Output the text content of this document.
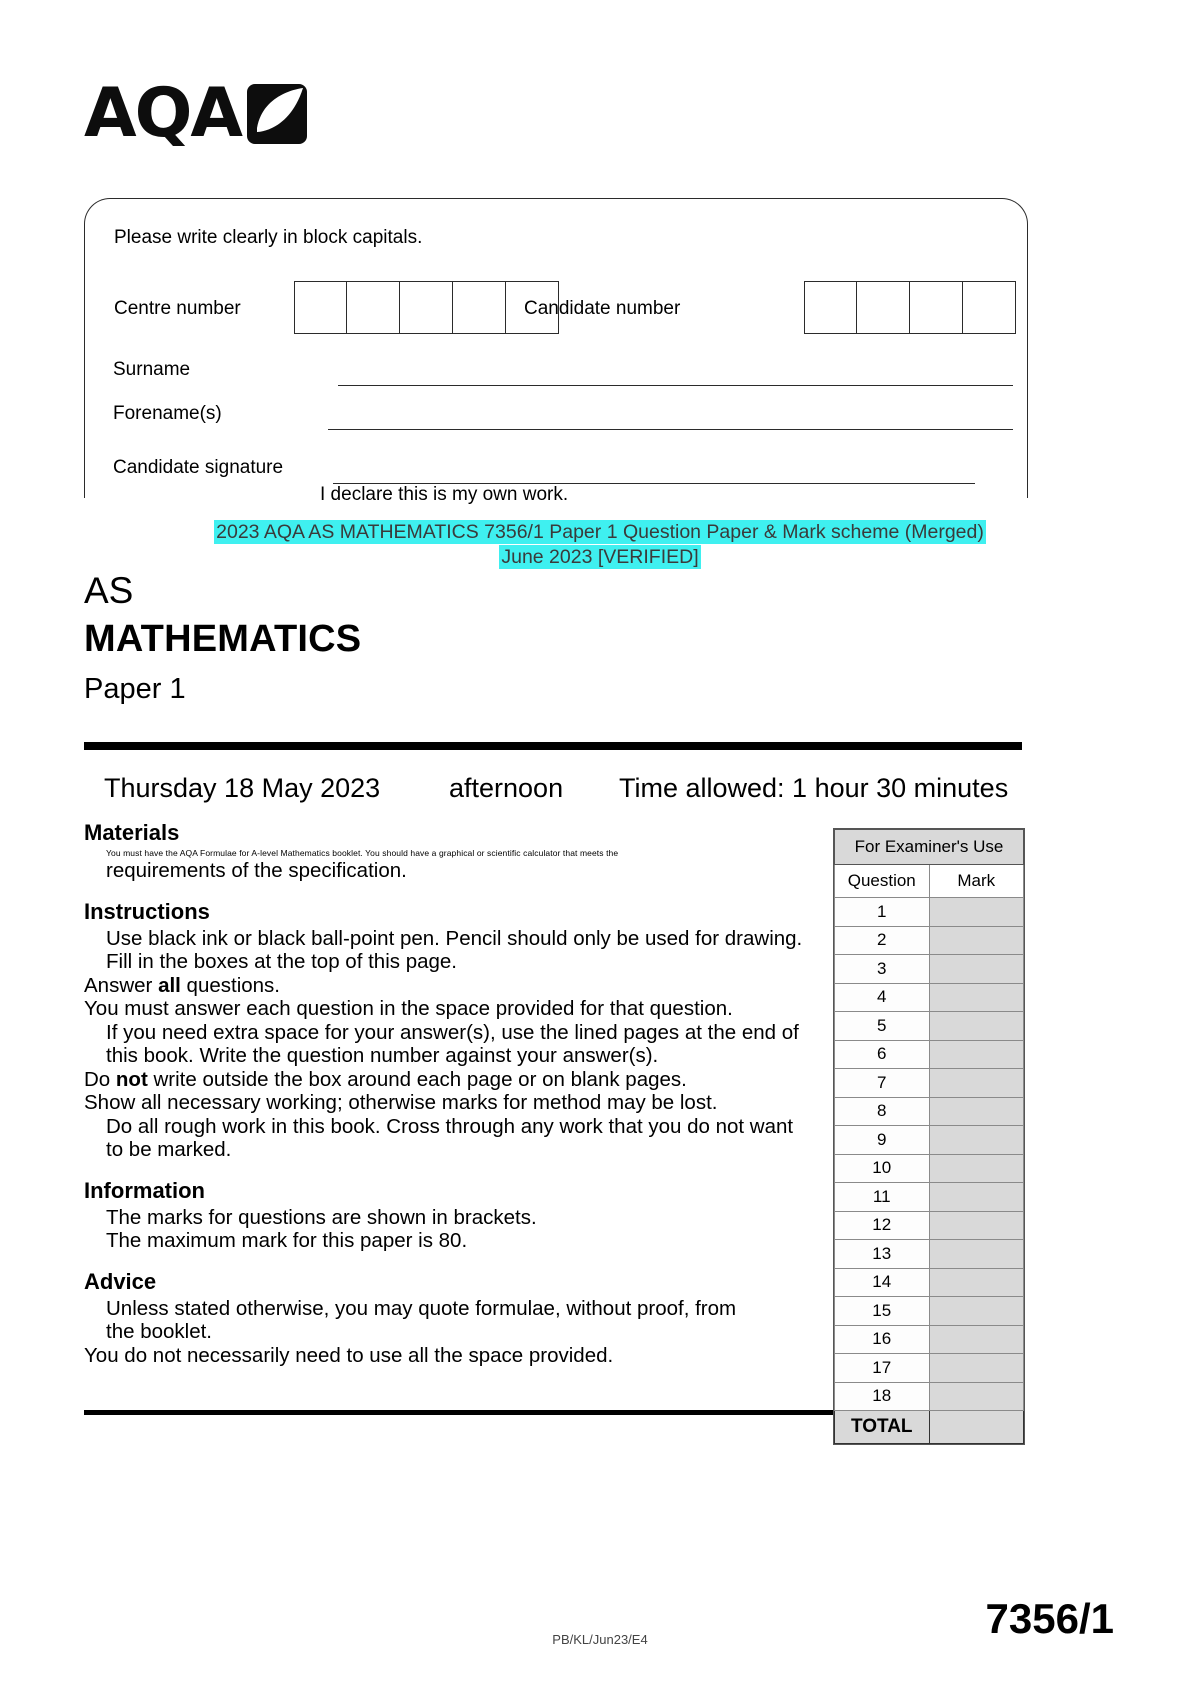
AQA
Please write clearly in block capitals.
Centre number	Candidate number
Surname
Forename(s)
Candidate signature
I declare this is my own work.
2023 AQA AS MATHEMATICS 7356/1 Paper 1 Question Paper & Mark scheme (Merged)
June 2023 [VERIFIED]
AS
MATHEMATICS
Paper 1
Thursday 18 May 2023	afternoon Time allowed: 1 hour 30 minutes
Materials
You must have the AQA Formulae for A-level Mathematics booklet. You should have a graphical or scientific calculator that meets the
requirements of the specification.
Instructions
Use black ink or black ball-point pen. Pencil should only be used for drawing.
Fill in the boxes at the top of this page.
Answer all questions.
You must answer each question in the space provided for that question.
If you need extra space for your answer(s), use the lined pages at the end of
this book. Write the question number against your answer(s).
Do not write outside the box around each page or on blank pages.
Show all necessary working; otherwise marks for method may be lost.
Do all rough work in this book. Cross through any work that you do not want
to be marked.
Information
The marks for questions are shown in brackets.
The maximum mark for this paper is 80.
Advice
Unless stated otherwise, you may quote formulae, without proof, from
the booklet.
You do not necessarily need to use all the space provided.
For Examiner's Use	
Question	Mark
1	
2	
3	
4	
5	
6	
7	
8	
9	
10	
11	
12	
13	
14	
15	
16	
17	
18	
TOTAL	
PB/KL/Jun23/E4	7356/1
